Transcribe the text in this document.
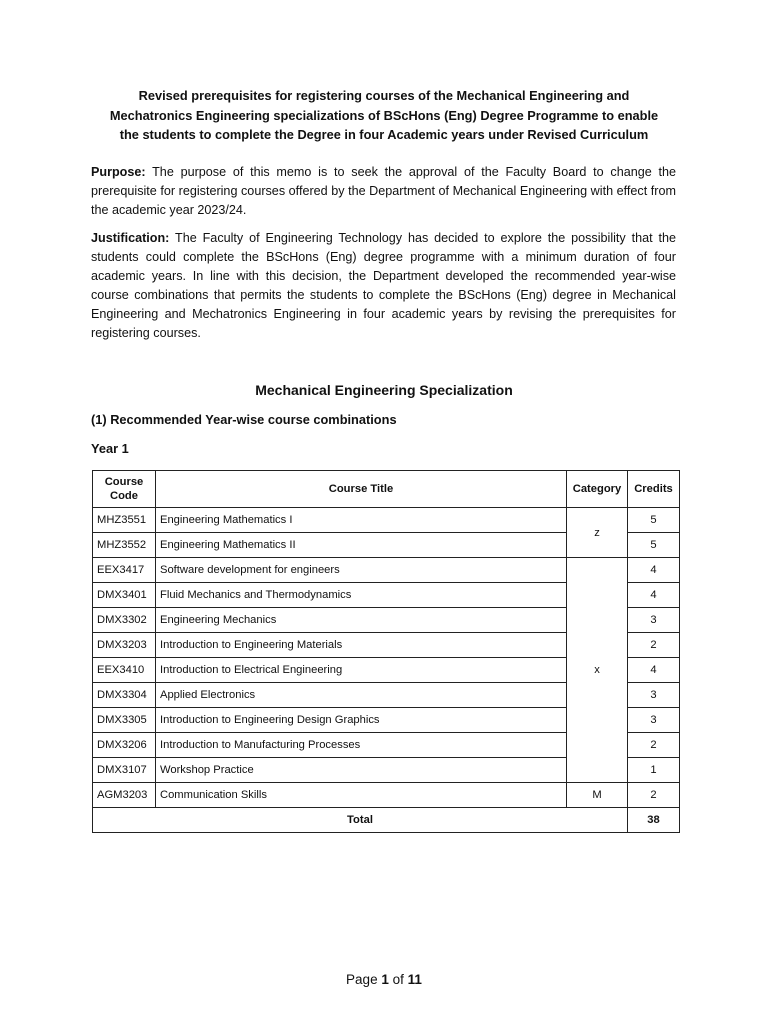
Revised prerequisites for registering courses of the Mechanical Engineering and
Mechatronics Engineering specializations of BScHons (Eng) Degree Programme to enable
the students to complete the Degree in four Academic years under Revised Curriculum

Purpose: The purpose of this memo is to seek the approval of the Faculty Board to change the prerequisite for registering courses offered by the Department of Mechanical Engineering with effect from the academic year 2023/24.

Justification: The Faculty of Engineering Technology has decided to explore the possibility that the students could complete the BScHons (Eng) degree programme with a minimum duration of four academic years. In line with this decision, the Department developed the recommended year-wise course combinations that permits the students to complete the BScHons (Eng) degree in Mechanical Engineering and Mechatronics Engineering in four academic years by revising the prerequisites for registering courses.

Mechanical Engineering Specialization
(1) Recommended Year-wise course combinations
Year 1
Course
Code	Course Title	Category	Credits
MHZ3551	Engineering Mathematics I	z	5
MHZ3552	Engineering Mathematics II		5
EEX3417	Software development for engineers	x	4
DMX3401	Fluid Mechanics and Thermodynamics		4
DMX3302	Engineering Mechanics		3
DMX3203	Introduction to Engineering Materials		2
EEX3410	Introduction to Electrical Engineering		4
DMX3304	Applied Electronics		3
DMX3305	Introduction to Engineering Design Graphics		3
DMX3206	Introduction to Manufacturing Processes		2
DMX3107	Workshop Practice		1
AGM3203	Communication Skills	M	2
Total			38
Page 1 of 11
